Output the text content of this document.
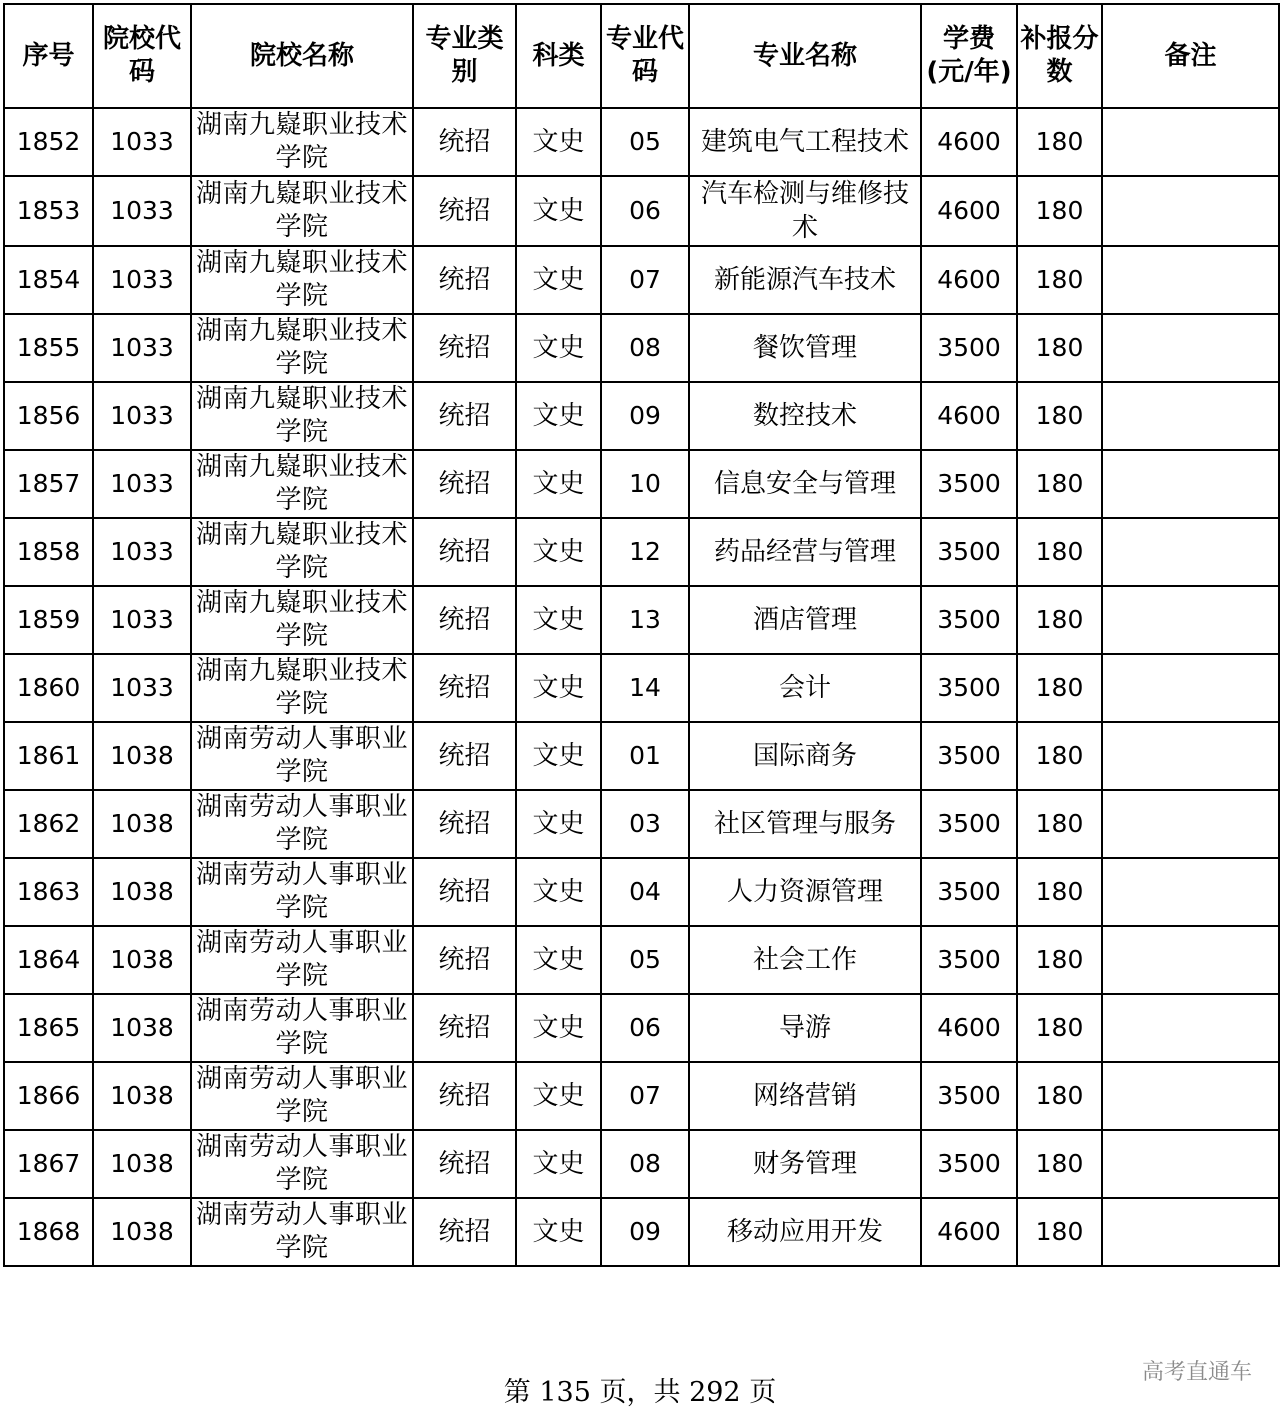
序号	院校代码	院校名称	专业类别	科类	专业代码	专业名称	学费(元/年)	补报分数	备注
1852	1033	湖南九嶷职业技术学院	统招	文史	05	建筑电气工程技术	4600	180	
1853	1033	湖南九嶷职业技术学院	统招	文史	06	汽车检测与维修技术	4600	180	
1854	1033	湖南九嶷职业技术学院	统招	文史	07	新能源汽车技术	4600	180	
1855	1033	湖南九嶷职业技术学院	统招	文史	08	餐饮管理	3500	180	
1856	1033	湖南九嶷职业技术学院	统招	文史	09	数控技术	4600	180	
1857	1033	湖南九嶷职业技术学院	统招	文史	10	信息安全与管理	3500	180	
1858	1033	湖南九嶷职业技术学院	统招	文史	12	药品经营与管理	3500	180	
1859	1033	湖南九嶷职业技术学院	统招	文史	13	酒店管理	3500	180	
1860	1033	湖南九嶷职业技术学院	统招	文史	14	会计	3500	180	
1861	1038	湖南劳动人事职业学院	统招	文史	01	国际商务	3500	180	
1862	1038	湖南劳动人事职业学院	统招	文史	03	社区管理与服务	3500	180	
1863	1038	湖南劳动人事职业学院	统招	文史	04	人力资源管理	3500	180	
1864	1038	湖南劳动人事职业学院	统招	文史	05	社会工作	3500	180	
1865	1038	湖南劳动人事职业学院	统招	文史	06	导游	4600	180	
1866	1038	湖南劳动人事职业学院	统招	文史	07	网络营销	3500	180	
1867	1038	湖南劳动人事职业学院	统招	文史	08	财务管理	3500	180	
1868	1038	湖南劳动人事职业学院	统招	文史	09	移动应用开发	4600	180	
第 135 页，共 292 页
高考直通车
